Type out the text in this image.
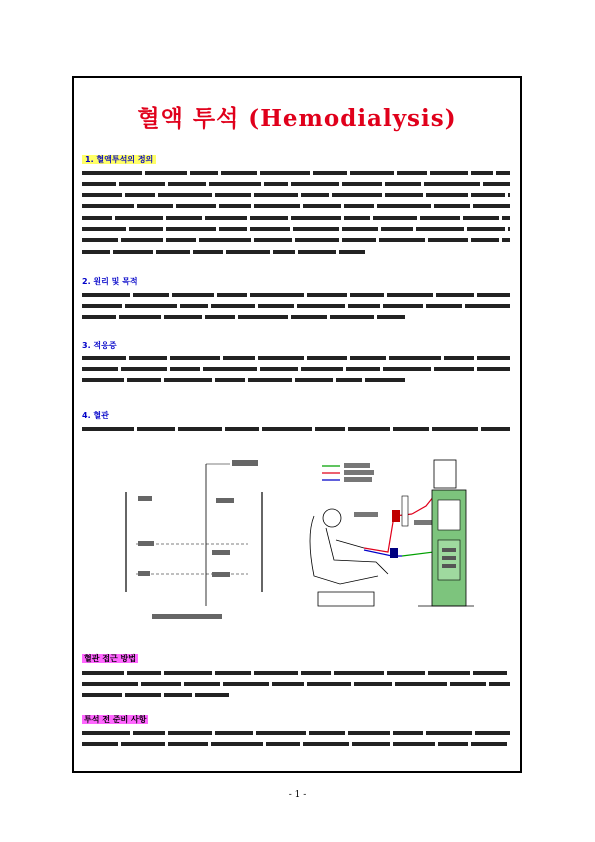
혈액 투석 (Hemodialysis)
1. 혈액투석의 정의
2. 원리 및 목적
3. 적응증
4. 혈관
혈관 접근 방법
투석 전 준비 사항
- 1 -
